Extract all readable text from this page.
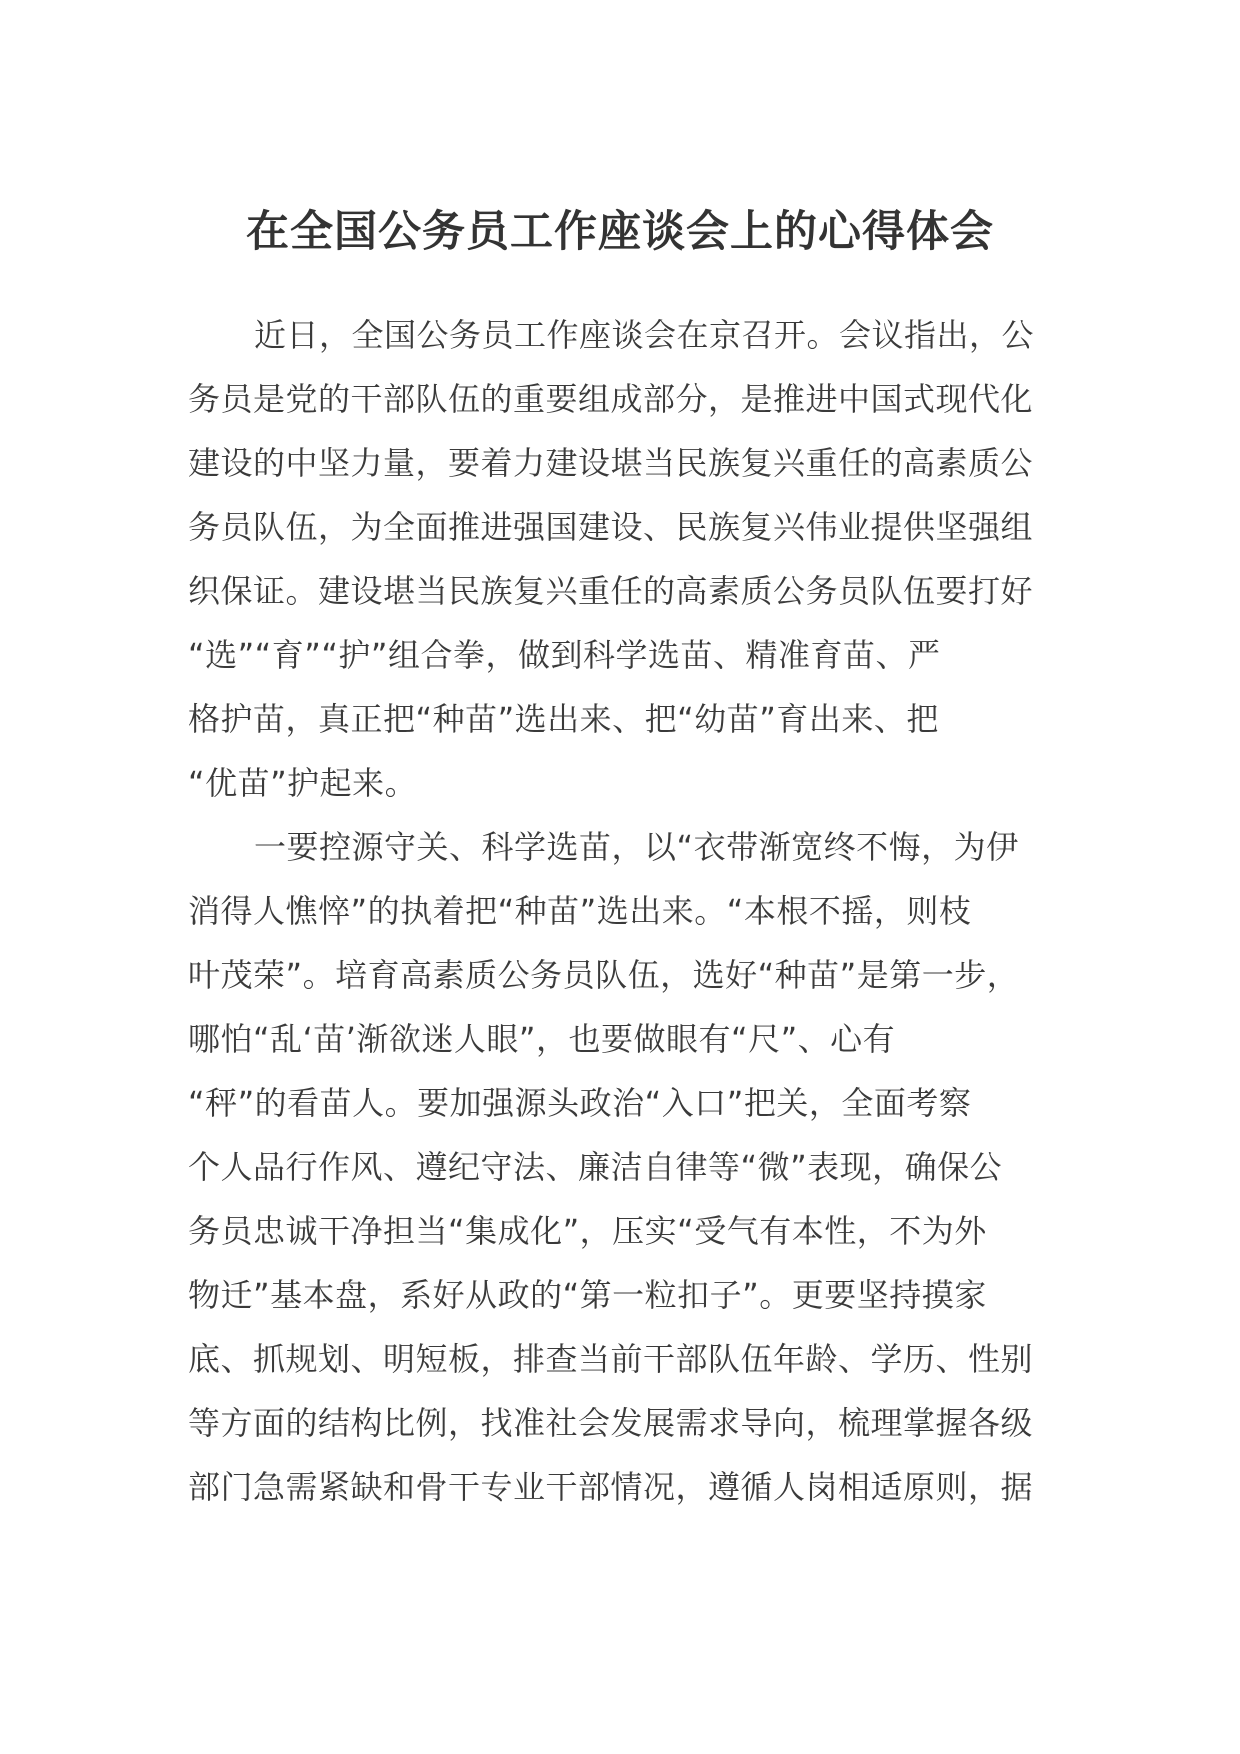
在全国公务员工作座谈会上的心得体会
近日，全国公务员工作座谈会在京召开。会议指出，公
务员是党的干部队伍的重要组成部分，是推进中国式现代化
建设的中坚力量，要着力建设堪当民族复兴重任的高素质公
务员队伍，为全面推进强国建设、民族复兴伟业提供坚强组
织保证。建设堪当民族复兴重任的高素质公务员队伍要打好
“选”“育”“护”组合拳，做到科学选苗、精准育苗、严
格护苗，真正把“种苗”选出来、把“幼苗”育出来、把
“优苗”护起来。
一要控源守关、科学选苗，以“衣带渐宽终不悔，为伊
消得人憔悴”的执着把“种苗”选出来。“本根不摇，则枝
叶茂荣”。培育高素质公务员队伍，选好“种苗”是第一步，
哪怕“乱‘苗’渐欲迷人眼”，也要做眼有“尺”、心有
“秤”的看苗人。要加强源头政治“入口”把关，全面考察
个人品行作风、遵纪守法、廉洁自律等“微”表现，确保公
务员忠诚干净担当“集成化”，压实“受气有本性，不为外
物迁”基本盘，系好从政的“第一粒扣子”。更要坚持摸家
底、抓规划、明短板，排查当前干部队伍年龄、学历、性别
等方面的结构比例，找准社会发展需求导向，梳理掌握各级
部门急需紧缺和骨干专业干部情况，遵循人岗相适原则，据
